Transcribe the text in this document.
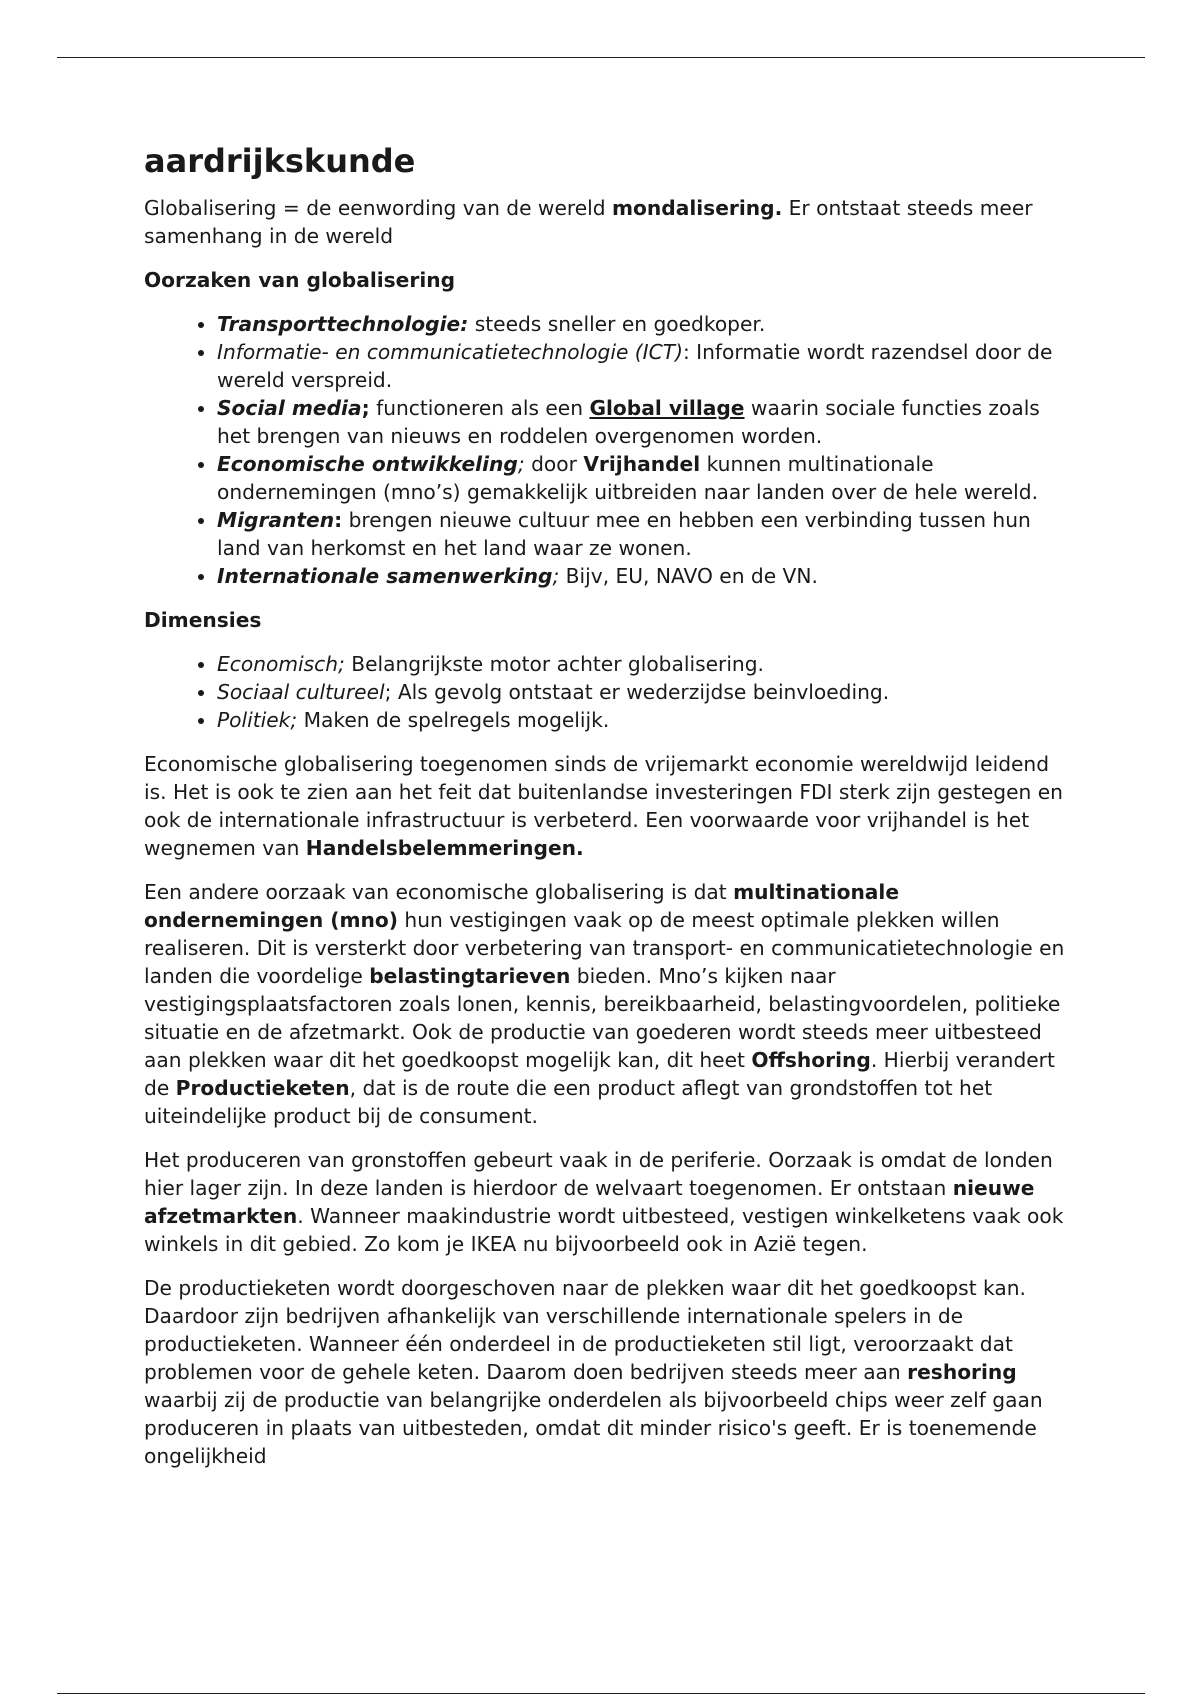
aardrijkskunde

Globalisering = de eenwording van de wereld mondalisering. Er ontstaat steeds meer samenhang in de wereld

Oorzaken van globalisering
• Transporttechnologie: steeds sneller en goedkoper.
• Informatie- en communicatietechnologie (ICT): Informatie wordt razendsel door de wereld verspreid.
• Social media; functioneren als een Global village waarin sociale functies zoals het brengen van nieuws en roddelen overgenomen worden.
• Economische ontwikkeling; door Vrijhandel kunnen multinationale ondernemingen (mno’s) gemakkelijk uitbreiden naar landen over de hele wereld.
• Migranten: brengen nieuwe cultuur mee en hebben een verbinding tussen hun land van herkomst en het land waar ze wonen.
• Internationale samenwerking; Bijv, EU, NAVO en de VN.
Dimensies
• Economisch; Belangrijkste motor achter globalisering.
• Sociaal cultureel; Als gevolg ontstaat er wederzijdse beinvloeding.
• Politiek; Maken de spelregels mogelijk.

Economische globalisering toegenomen sinds de vrijemarkt economie wereldwijd leidend is. Het is ook te zien aan het feit dat buitenlandse investeringen FDI sterk zijn gestegen en ook de internationale infrastructuur is verbeterd. Een voorwaarde voor vrijhandel is het wegnemen van Handelsbelemmeringen.

Een andere oorzaak van economische globalisering is dat multinationale ondernemingen (mno) hun vestigingen vaak op de meest optimale plekken willen realiseren. Dit is versterkt door verbetering van transport- en communicatietechnologie en landen die voordelige belastingtarieven bieden. Mno’s kijken naar vestigingsplaatsfactoren zoals lonen, kennis, bereikbaarheid, belastingvoordelen, politieke situatie en de afzetmarkt. Ook de productie van goederen wordt steeds meer uitbesteed aan plekken waar dit het goedkoopst mogelijk kan, dit heet Offshoring. Hierbij verandert de Productieketen, dat is de route die een product aflegt van grondstoffen tot het uiteindelijke product bij de consument.

Het produceren van gronstoffen gebeurt vaak in de periferie. Oorzaak is omdat de londen hier lager zijn. In deze landen is hierdoor de welvaart toegenomen. Er ontstaan nieuwe afzetmarkten. Wanneer maakindustrie wordt uitbesteed, vestigen winkelketens vaak ook winkels in dit gebied. Zo kom je IKEA nu bijvoorbeeld ook in Azië tegen.

De productieketen wordt doorgeschoven naar de plekken waar dit het goedkoopst kan. Daardoor zijn bedrijven afhankelijk van verschillende internationale spelers in de productieketen. Wanneer één onderdeel in de productieketen stil ligt, veroorzaakt dat problemen voor de gehele keten. Daarom doen bedrijven steeds meer aan reshoring waarbij zij de productie van belangrijke onderdelen als bijvoorbeeld chips weer zelf gaan produceren in plaats van uitbesteden, omdat dit minder risico's geeft. Er is toenemende ongelijkheid
